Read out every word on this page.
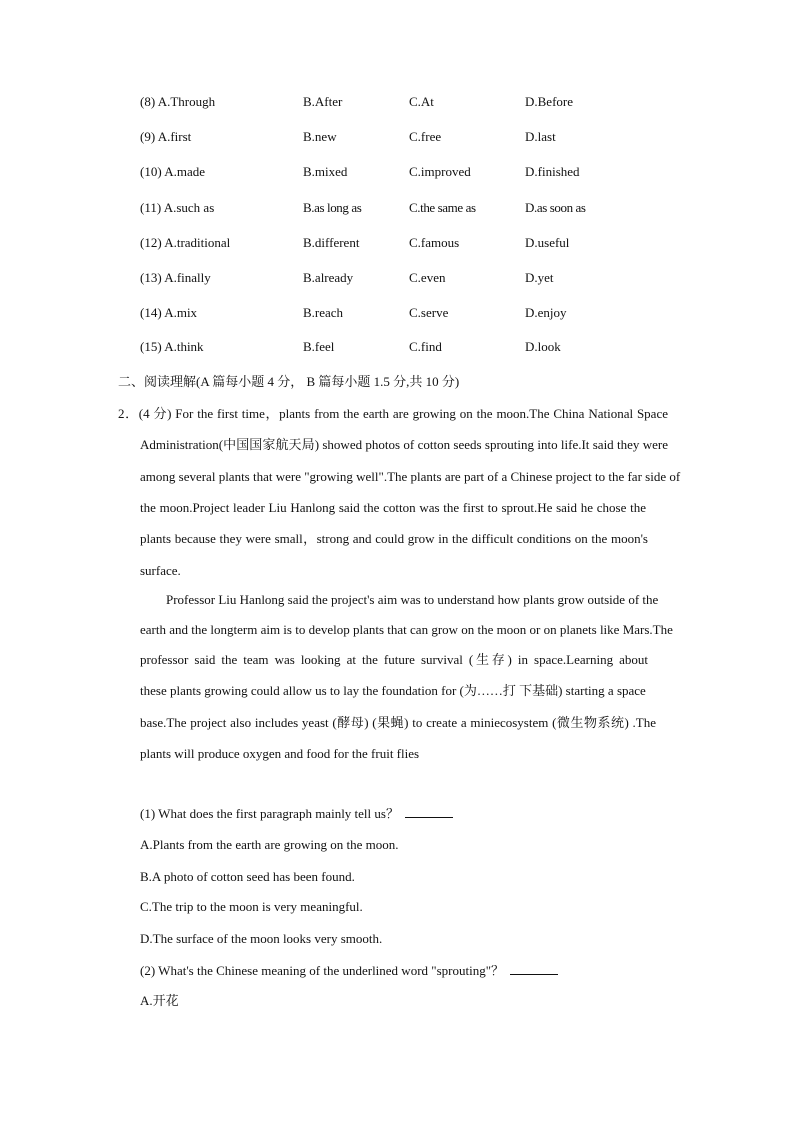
(8) A.Through	B.After	C.At	D.Before
(9) A.first	B.new	C.free	D.last
(10) A.made	B.mixed	C.improved	D.finished
(11) A.such as	B.as long as	C.the same as	D.as soon as
(12) A.traditional	B.different	C.famous	D.useful
(13) A.finally	B.already	C.even	D.yet
(14) A.mix	B.reach	C.serve	D.enjoy
(15) A.think	B.feel	C.find	D.look
二、阅读理解(A 篇每小题 4 分， B 篇每小题 1.5 分,共 10 分)
2．(4 分) For the first time，plants from the earth are growing on the moon.The China National Space
Administration(中国国家航天局) showed photos of cotton seeds sprouting into life.It said they were
among several plants that were "growing well".The plants are part of a Chinese project to the far side of
the moon.Project leader Liu Hanlong said the cotton was the first to sprout.He said he chose the
plants because they were small，strong and could grow in the difficult conditions on the moon's
surface.
Professor Liu Hanlong said the project's aim was to understand how plants grow outside of the
earth and the longterm aim is to develop plants that can grow on the moon or on planets like Mars.The
professor said the team was looking at the future survival (生存) in space.Learning about
these plants growing could allow us to lay the foundation for (为……打 下基础) starting a space
base.The project also includes yeast (酵母) (果蝇) to create a miniecosystem (微生物系统) .The
plants will produce oxygen and food for the fruit flies
(1) What does the first paragraph mainly tell us？
A.Plants from the earth are growing on the moon.
B.A photo of cotton seed has been found.
C.The trip to the moon is very meaningful.
D.The surface of the moon looks very smooth.
(2) What's the Chinese meaning of the underlined word "sprouting"？
A.开花
